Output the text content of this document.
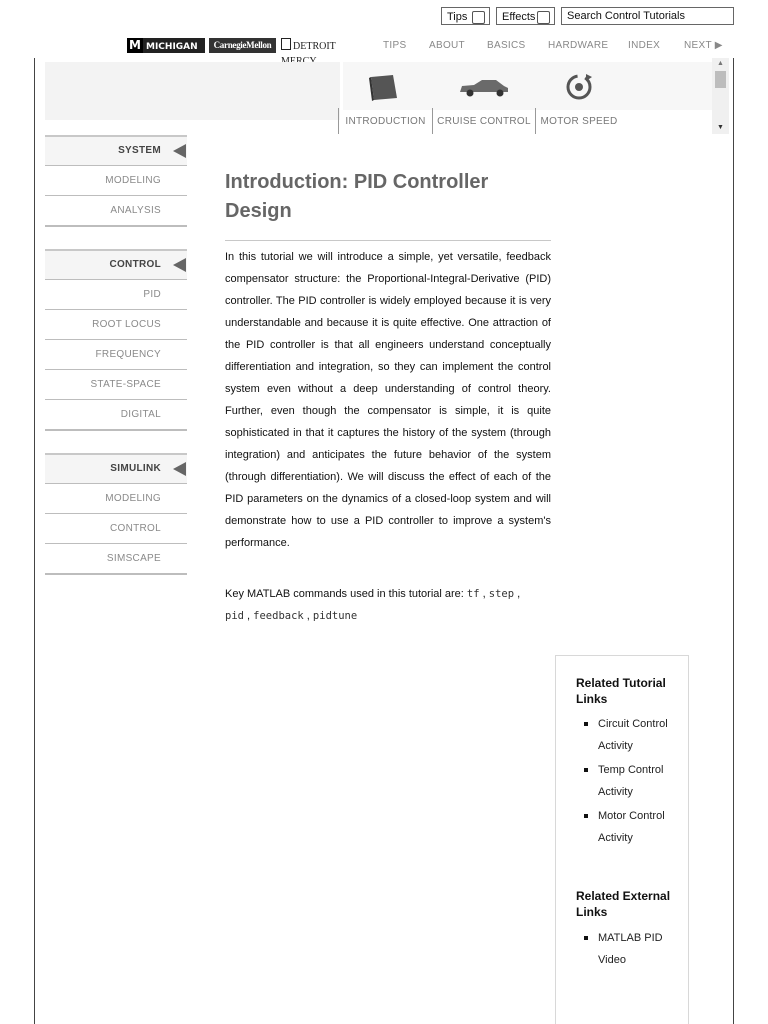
Tips	Effects	Search Control Tutorials
M MICHIGAN	CarnegieMellon	DETROIT	TIPS ABOUT BASICS HARDWARE INDEX NEXT ▶
INTRODUCTION	CRUISE CONTROL MOTOR SPEED
▲
▼
SYSTEM
MODELING
ANALYSIS
CONTROL
PID
ROOT LOCUS
FREQUENCY
STATE-SPACE
DIGITAL
SIMULINK
MODELING
CONTROL
SIMSCAPE
Introduction: PID Controller Design
In this tutorial we will introduce a simple, yet versatile, feedback compensator structure: the Proportional-Integral-Derivative (PID) controller. The PID controller is widely employed because it is very understandable and because it is quite effective. One attraction of the PID controller is that all engineers understand conceptually differentiation and integration, so they can implement the control system even without a deep understanding of control theory. Further, even though the compensator is simple, it is quite sophisticated in that it captures the history of the system (through integration) and anticipates the future behavior of the system (through differentiation). We will discuss the effect of each of the PID parameters on the dynamics of a closed-loop system and will demonstrate how to use a PID controller to improve a system's performance.
Key MATLAB commands used in this tutorial are: tf , step ,
pid , feedback , pidtune
Related Tutorial Links
Circuit Control Activity
Temp Control Activity
Motor Control Activity
Related External Links
MATLAB PID Video
